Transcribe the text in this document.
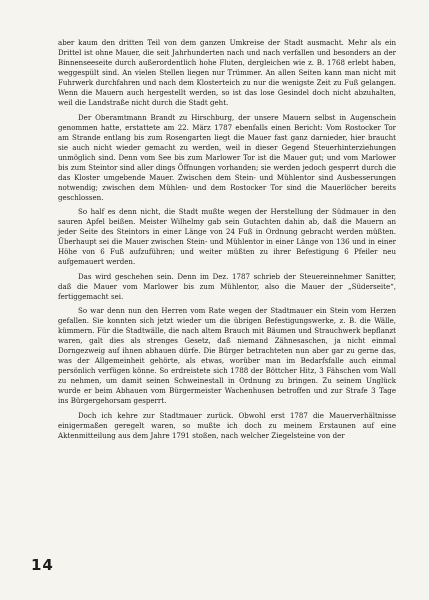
aber kaum den dritten Teil von dem ganzen Umkreise der Stadt ausmacht. Mehr als ein Drittel ist ohne Mauer, die seit Jahrhunderten nach und nach verfallen und besonders an der Binnenseeseite durch außerordentlich hohe Fluten, dergleichen wie z. B. 1768 erlebt haben, weggespült sind. An vielen Stellen liegen nur Trümmer. An allen Seiten kann man nicht mit Fuhrwerk durchfahren und nach dem Klosterteich zu nur die wenigste Zeit zu Fuß gelangen. Wenn die Mauern auch hergestellt werden, so ist das lose Gesindel doch nicht abzuhalten, weil die Landstraße nicht durch die Stadt geht.

Der Oberamtmann Brandt zu Hirschburg, der unsere Mauern selbst in Augenschein genommen hatte, erstattete am 22. März 1787 ebenfalls einen Bericht: Vom Rostocker Tor am Strande entlang bis zum Rosengarten liegt die Mauer fast ganz darnieder, hier braucht sie auch nicht wieder gemacht zu werden, weil in dieser Gegend Steuerhinterziehungen unmöglich sind. Denn vom See bis zum Marlower Tor ist die Mauer gut; und vom Marlower bis zum Steintor sind aller dings Öffnungen vorhanden; sie werden jedoch gesperrt durch die das Kloster umgebende Mauer. Zwischen dem Stein- und Mühlentor sind Ausbesserungen notwendig; zwischen dem Mühlen- und dem Rostocker Tor sind die Mauerlöcher bereits geschlossen.

So half es denn nicht, die Stadt mußte wegen der Herstellung der Südmauer in den sauren Apfel beißen. Meister Wilhelmy gab sein Gutachten dahin ab, daß die Mauern an jeder Seite des Steintors in einer Länge von 24 Fuß in Ordnung gebracht werden müßten. Überhaupt sei die Mauer zwischen Stein- und Mühlentor in einer Länge von 136 und in einer Höhe von 6 Fuß aufzuführen; und weiter müßten zu ihrer Befestigung 6 Pfeiler neu aufgemauert werden.

Das wird geschehen sein. Denn im Dez. 1787 schrieb der Steuereinnehmer Sanitter, daß die Mauer vom Marlower bis zum Mühlentor, also die Mauer der „Süderseite“, fertiggemacht sei.

So war denn nun den Herren vom Rate wegen der Stadtmauer ein Stein vom Herzen gefallen. Sie konnten sich jetzt wieder um die übrigen Befestigungswerke, z. B. die Wälle, kümmern. Für die Stadtwälle, die nach altem Brauch mit Bäumen und Strauchwerk bepflanzt waren, galt dies als strenges Gesetz, daß niemand Zähnesaschen, ja nicht einmal Dorngezweig auf ihnen abhauen dürfe. Die Bürger betrachteten nun aber gar zu gerne das, was der Allgemeinheit gehörte, als etwas, worüber man im Bedarfsfalle auch einmal persönlich verfügen könne. So erdreistete sich 1788 der Böttcher Hitz, 3 Fähschen vom Wall zu nehmen, um damit seinen Schweinestall in Ordnung zu bringen. Zu seinem Unglück wurde er beim Abhauen vom Bürgermeister Wachenhusen betroffen und zur Strafe 3 Tage ins Bürgergehorsam gesperrt.

Doch ich kehre zur Stadtmauer zurück. Obwohl erst 1787 die Mauerverhältnisse einigermaßen geregelt waren, so mußte ich doch zu meinem Erstaunen auf eine Aktenmitteilung aus dem Jahre 1791 stoßen, nach welcher Ziegelsteine von der

14
